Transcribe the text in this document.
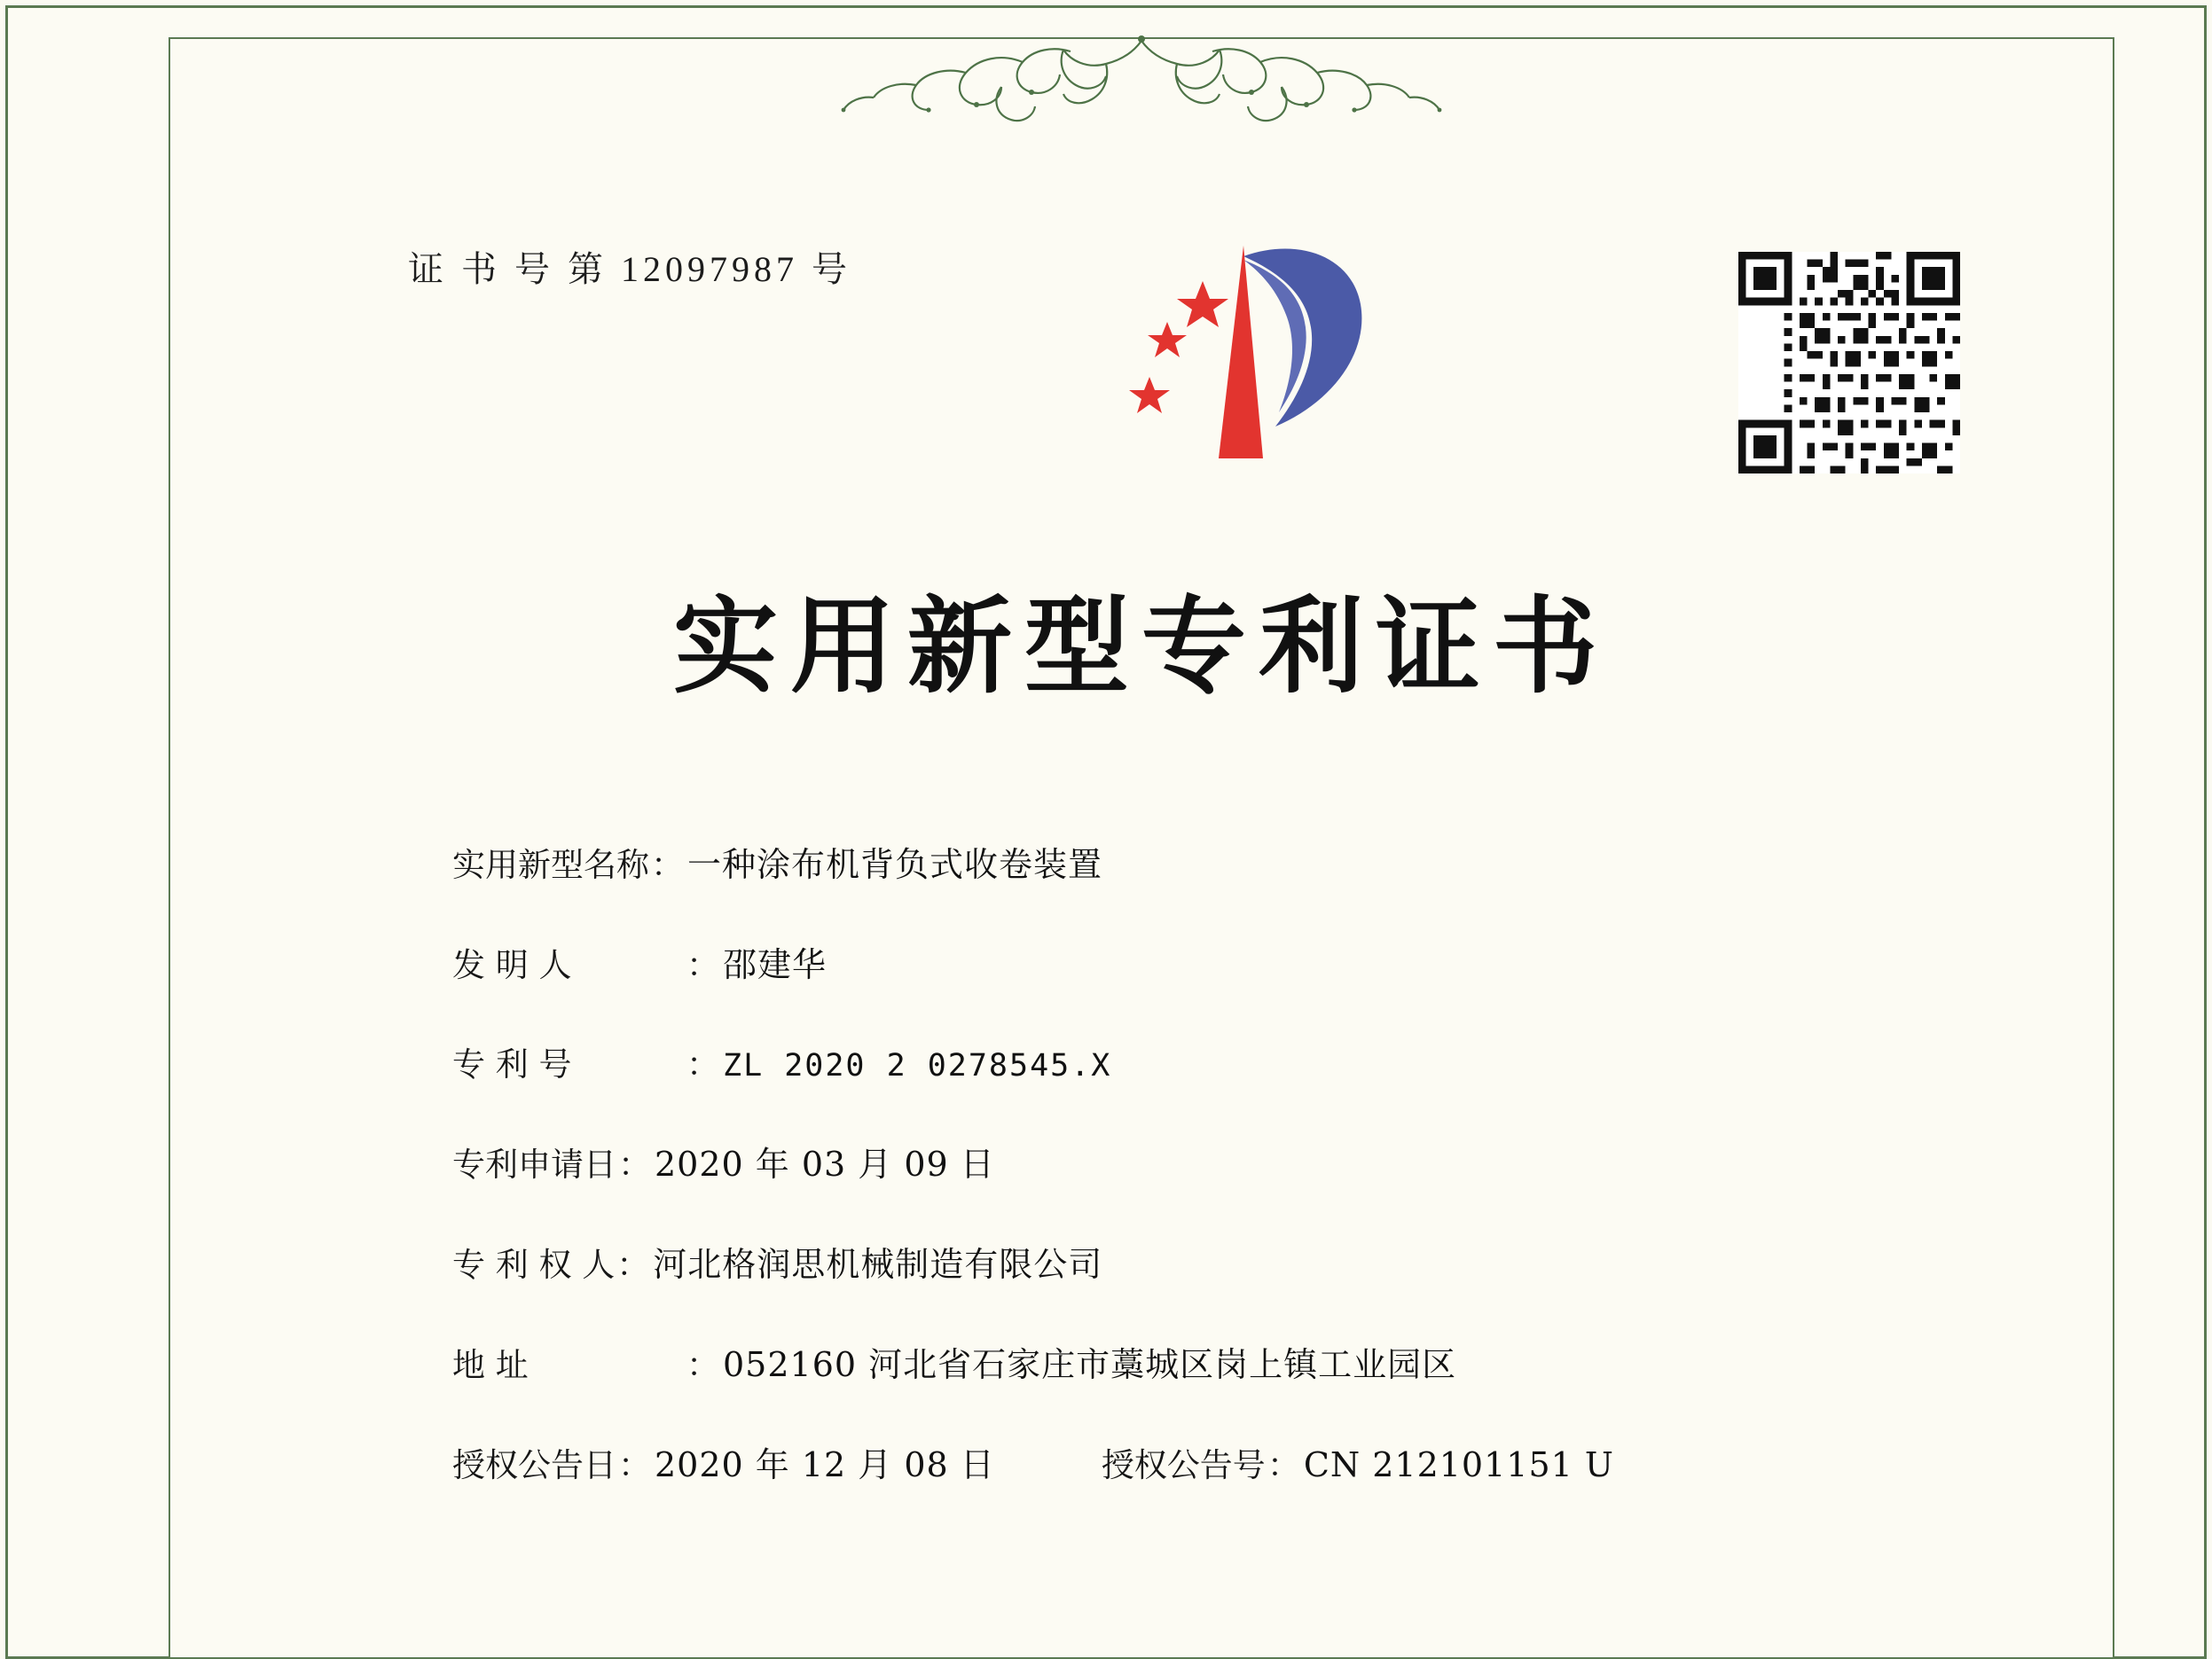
证 书 号 第 12097987 号
实用新型专利证书
实用新型名称 ： 一种涂布机背负式收卷装置
发 明 人	： 邵建华
专 利 号	： ZL 2020 2 0278545.X
专利申请日 ： 2020 年 03 月 09 日
专 利 权 人 ： 河北格润思机械制造有限公司
地 址	： 052160 河北省石家庄市藁城区岗上镇工业园区
授权公告日 ： 2020 年 12 月 08 日	授权公告号 ： CN 212101151 U
